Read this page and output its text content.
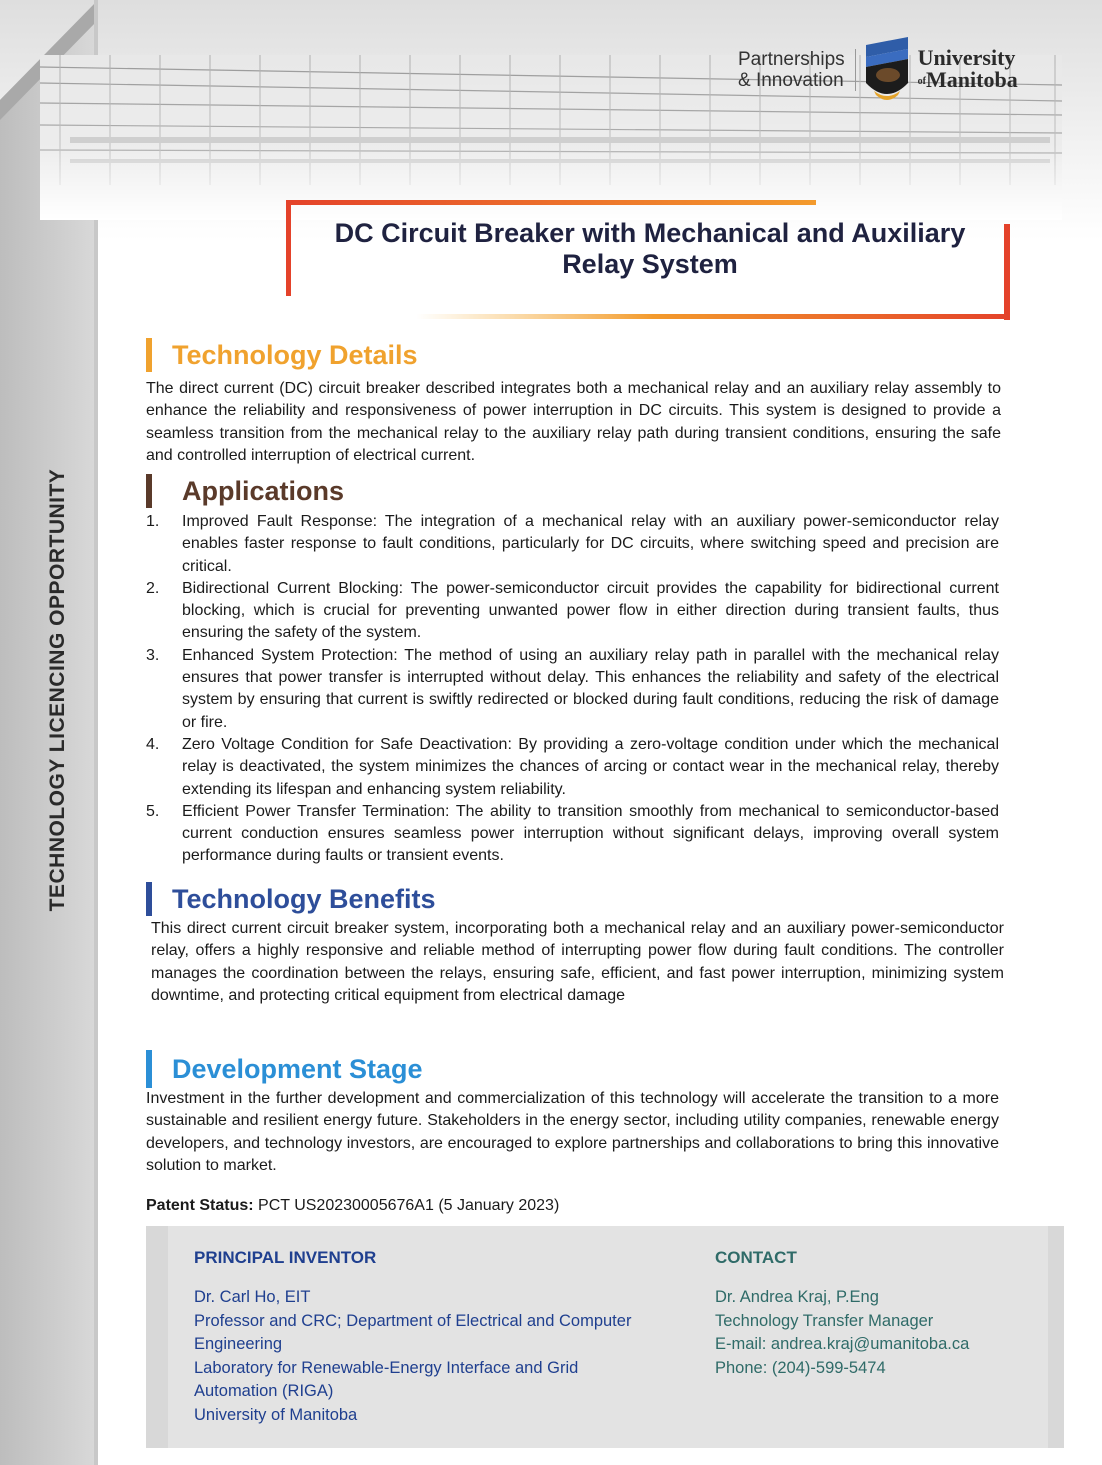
Partnerships
& Innovation
University
ofManitoba
DC Circuit Breaker with Mechanical and Auxiliary Relay System
TECHNOLOGY LICENCING OPPORTUNITY
Technology Details
The direct current (DC) circuit breaker described integrates both a mechanical relay and an auxiliary relay assembly to enhance the reliability and responsiveness of power interruption in DC circuits. This system is designed to provide a seamless transition from the mechanical relay to the auxiliary relay path during transient conditions, ensuring the safe and controlled interruption of electrical current.
Applications
1. Improved Fault Response: The integration of a mechanical relay with an auxiliary power-semiconductor relay enables faster response to fault conditions, particularly for DC circuits, where switching speed and precision are critical.
2. Bidirectional Current Blocking: The power-semiconductor circuit provides the capability for bidirectional current blocking, which is crucial for preventing unwanted power flow in either direction during transient faults, thus ensuring the safety of the system.
3. Enhanced System Protection: The method of using an auxiliary relay path in parallel with the mechanical relay ensures that power transfer is interrupted without delay. This enhances the reliability and safety of the electrical system by ensuring that current is swiftly redirected or blocked during fault conditions, reducing the risk of damage or fire.
4. Zero Voltage Condition for Safe Deactivation: By providing a zero-voltage condition under which the mechanical relay is deactivated, the system minimizes the chances of arcing or contact wear in the mechanical relay, thereby extending its lifespan and enhancing system reliability.
5. Efficient Power Transfer Termination: The ability to transition smoothly from mechanical to semiconductor-based current conduction ensures seamless power interruption without significant delays, improving overall system performance during faults or transient events.
Technology Benefits
This direct current circuit breaker system, incorporating both a mechanical relay and an auxiliary power-semiconductor relay, offers a highly responsive and reliable method of interrupting power flow during fault conditions. The controller manages the coordination between the relays, ensuring safe, efficient, and fast power interruption, minimizing system downtime, and protecting critical equipment from electrical damage
Development Stage
Investment in the further development and commercialization of this technology will accelerate the transition to a more sustainable and resilient energy future. Stakeholders in the energy sector, including utility companies, renewable energy developers, and technology investors, are encouraged to explore partnerships and collaborations to bring this innovative solution to market.
Patent Status: PCT US20230005676A1 (5 January 2023)
PRINCIPAL INVENTOR
Dr. Carl Ho, EIT
Professor and CRC; Department of Electrical and Computer
Engineering
Laboratory for Renewable-Energy Interface and Grid
Automation (RIGA)
University of Manitoba
CONTACT
Dr. Andrea Kraj, P.Eng
Technology Transfer Manager
E-mail: andrea.kraj@umanitoba.ca
Phone: (204)-599-5474
